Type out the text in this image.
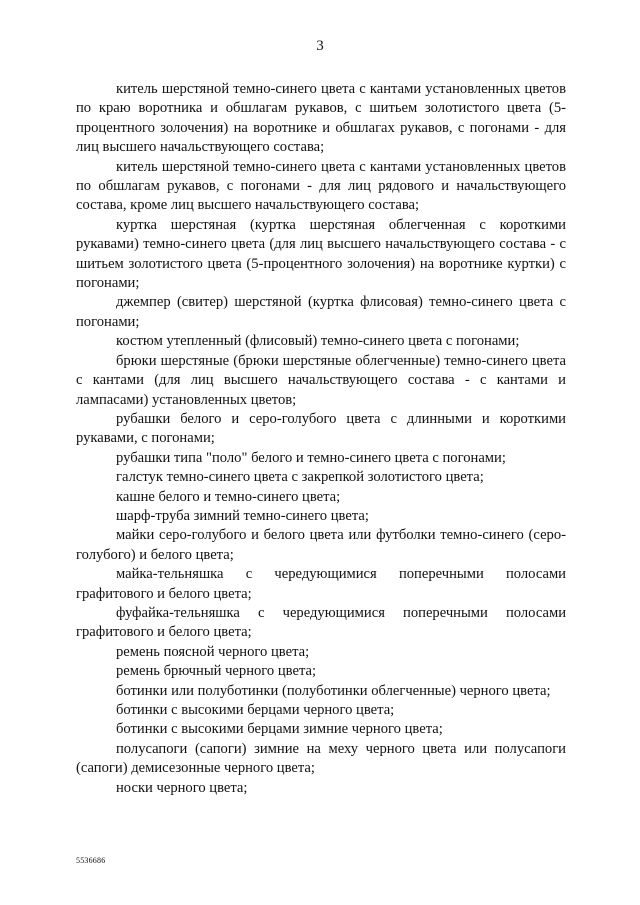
3

китель шерстяной темно-синего цвета с кантами установленных цветов по краю воротника и обшлагам рукавов, с шитьем золотистого цвета (5-процентного золочения) на воротнике и обшлагах рукавов, с погонами - для лиц высшего начальствующего состава;

китель шерстяной темно-синего цвета с кантами установленных цветов по обшлагам рукавов, с погонами - для лиц рядового и начальствующего состава, кроме лиц высшего начальствующего состава;

куртка шерстяная (куртка шерстяная облегченная с короткими рукавами) темно-синего цвета (для лиц высшего начальствующего состава - с шитьем золотистого цвета (5-процентного золочения) на воротнике куртки) с погонами;

джемпер (свитер) шерстяной (куртка флисовая) темно-синего цвета с погонами;

костюм утепленный (флисовый) темно-синего цвета с погонами;

брюки шерстяные (брюки шерстяные облегченные) темно-синего цвета с кантами (для лиц высшего начальствующего состава - с кантами и лампасами) установленных цветов;

рубашки белого и серо-голубого цвета с длинными и короткими рукавами, с погонами;

рубашки типа "поло" белого и темно-синего цвета с погонами;

галстук темно-синего цвета с закрепкой золотистого цвета;

кашне белого и темно-синего цвета;

шарф-труба зимний темно-синего цвета;

майки серо-голубого и белого цвета или футболки темно-синего (серо-голубого) и белого цвета;

майка-тельняшка с чередующимися поперечными полосами графитового и белого цвета;

фуфайка-тельняшка с чередующимися поперечными полосами графитового и белого цвета;

ремень поясной черного цвета;

ремень брючный черного цвета;

ботинки или полуботинки (полуботинки облегченные) черного цвета;

ботинки с высокими берцами черного цвета;

ботинки с высокими берцами зимние черного цвета;

полусапоги (сапоги) зимние на меху черного цвета или полусапоги (сапоги) демисезонные черного цвета;

носки черного цвета;

5536686
